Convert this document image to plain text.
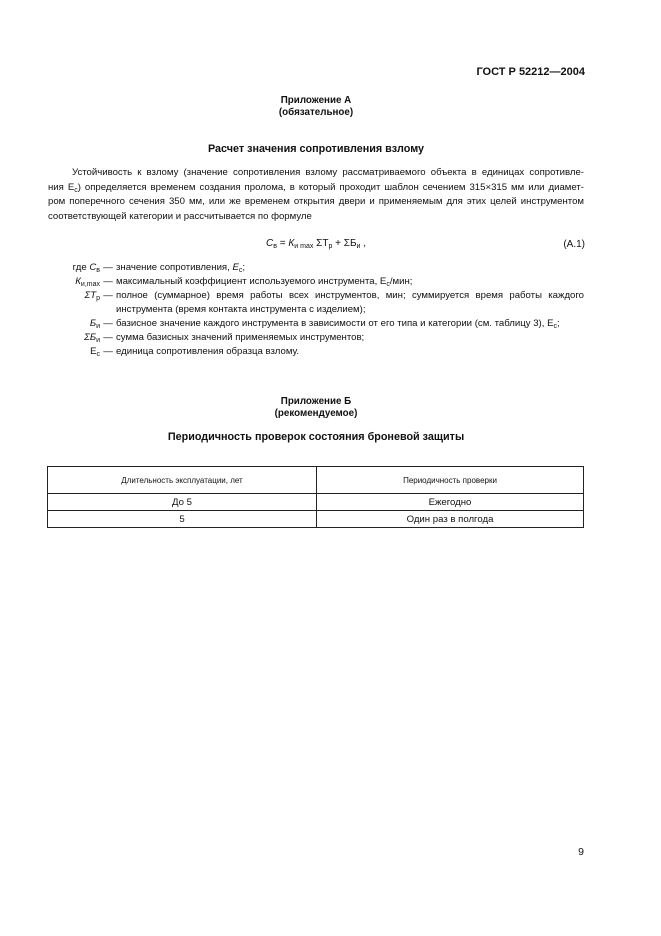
ГОСТ Р 52212—2004
Приложение А
(обязательное)
Расчет значения сопротивления взлому
Устойчивость к взлому (значение сопротивления взлому рассматриваемого объекта в единицах сопротивле-
ния $Е_с$) определяется временем создания пролома, в который проходит шаблон сечением 315×315 мм или диамет-
ром поперечного сечения 350 мм, или же временем открытия двери и применяемым для этих целей инструментом
соответствующей категории и рассчитывается по формуле
$С_в = К_{и max}$ $\Sigma Т_р + \Sigma Б_и$ ,	(А.1)
где $С_в$ — значение сопротивления, $Е_с$;
$К_{и,max}$ — максимальный коэффициент используемого инструмента, $Е_с$/мин;
$\Sigma Т_р$ — полное (суммарное) время работы всех инструментов, мин; суммируется время работы каждого
инструмента (время контакта инструмента с изделием);
$Б_и$ — базисное значение каждого инструмента в зависимости от его типа и категории (см. таблицу 3), $Е_с$;
$\Sigma Б_и$ — сумма базисных значений применяемых инструментов;
$Е_с$ — единица сопротивления образца взлому.
Приложение Б
(рекомендуемое)
Периодичность проверок состояния броневой защиты
Длительность эксплуатации, лет	Периодичность проверки
До 5	Ежегодно
5	Один раз в полгода
9
